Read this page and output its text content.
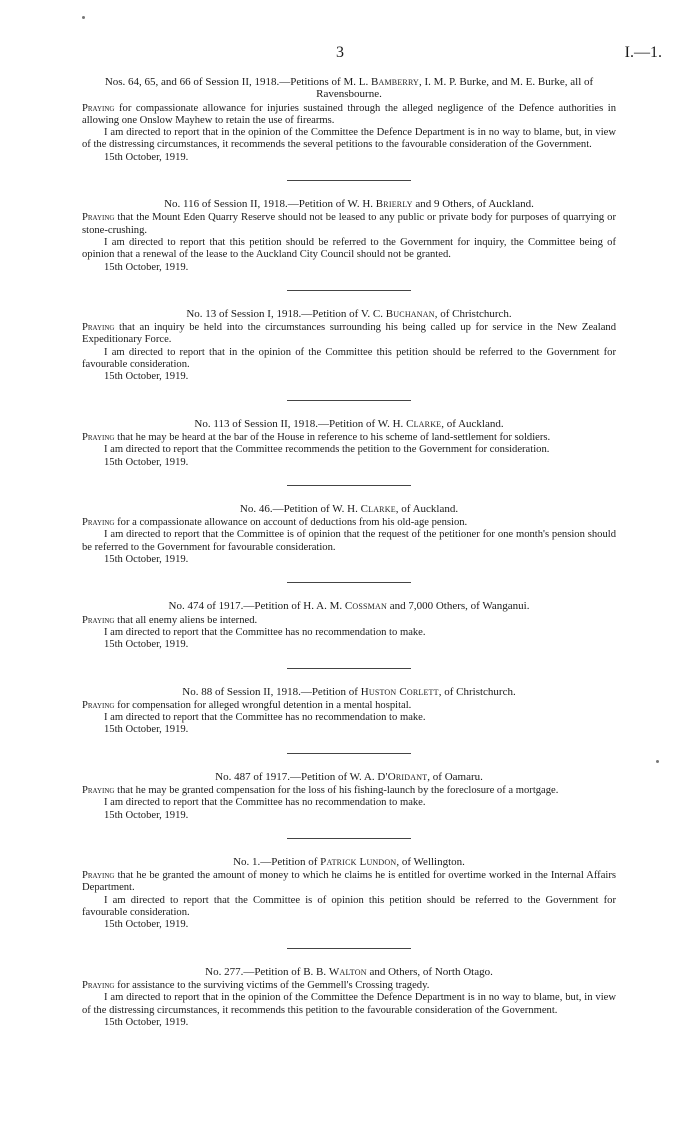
3	I.—1.

Nos. 64, 65, and 66 of Session II, 1918.—Petitions of M. L. Bamberry, I. M. P. Burke, and M. E. Burke, all of Ravensbourne.

Praying for compassionate allowance for injuries sustained through the alleged negligence of the Defence authorities in allowing one Onslow Mayhew to retain the use of firearms.

I am directed to report that in the opinion of the Committee the Defence Department is in no way to blame, but, in view of the distressing circumstances, it recommends the several petitions to the favourable consideration of the Government.

15th October, 1919.

No. 116 of Session II, 1918.—Petition of W. H. Brierly and 9 Others, of Auckland.

Praying that the Mount Eden Quarry Reserve should not be leased to any public or private body for purposes of quarrying or stone-crushing.

I am directed to report that this petition should be referred to the Government for inquiry, the Committee being of opinion that a renewal of the lease to the Auckland City Council should not be granted.

15th October, 1919.

No. 13 of Session I, 1918.—Petition of V. C. Buchanan, of Christchurch.

Praying that an inquiry be held into the circumstances surrounding his being called up for service in the New Zealand Expeditionary Force.

I am directed to report that in the opinion of the Committee this petition should be referred to the Government for favourable consideration.

15th October, 1919.

No. 113 of Session II, 1918.—Petition of W. H. Clarke, of Auckland.

Praying that he may be heard at the bar of the House in reference to his scheme of land-settlement for soldiers.

I am directed to report that the Committee recommends the petition to the Government for consideration.

15th October, 1919.

No. 46.—Petition of W. H. Clarke, of Auckland.

Praying for a compassionate allowance on account of deductions from his old-age pension.

I am directed to report that the Committee is of opinion that the request of the petitioner for one month's pension should be referred to the Government for favourable consideration.

15th October, 1919.

No. 474 of 1917.—Petition of H. A. M. Cossman and 7,000 Others, of Wanganui.

Praying that all enemy aliens be interned.

I am directed to report that the Committee has no recommendation to make.

15th October, 1919.

No. 88 of Session II, 1918.—Petition of Huston Corlett, of Christchurch.

Praying for compensation for alleged wrongful detention in a mental hospital.

I am directed to report that the Committee has no recommendation to make.

15th October, 1919.

No. 487 of 1917.—Petition of W. A. D'Oridant, of Oamaru.

Praying that he may be granted compensation for the loss of his fishing-launch by the foreclosure of a mortgage.

I am directed to report that the Committee has no recommendation to make.

15th October, 1919.

No. 1.—Petition of Patrick Lundon, of Wellington.

Praying that he be granted the amount of money to which he claims he is entitled for overtime worked in the Internal Affairs Department.

I am directed to report that the Committee is of opinion this petition should be referred to the Government for favourable consideration.

15th October, 1919.

No. 277.—Petition of B. B. Walton and Others, of North Otago.

Praying for assistance to the surviving victims of the Gemmell's Crossing tragedy.

I am directed to report that in the opinion of the Committee the Defence Department is in no way to blame, but, in view of the distressing circumstances, it recommends this petition to the favourable consideration of the Government.

15th October, 1919.
